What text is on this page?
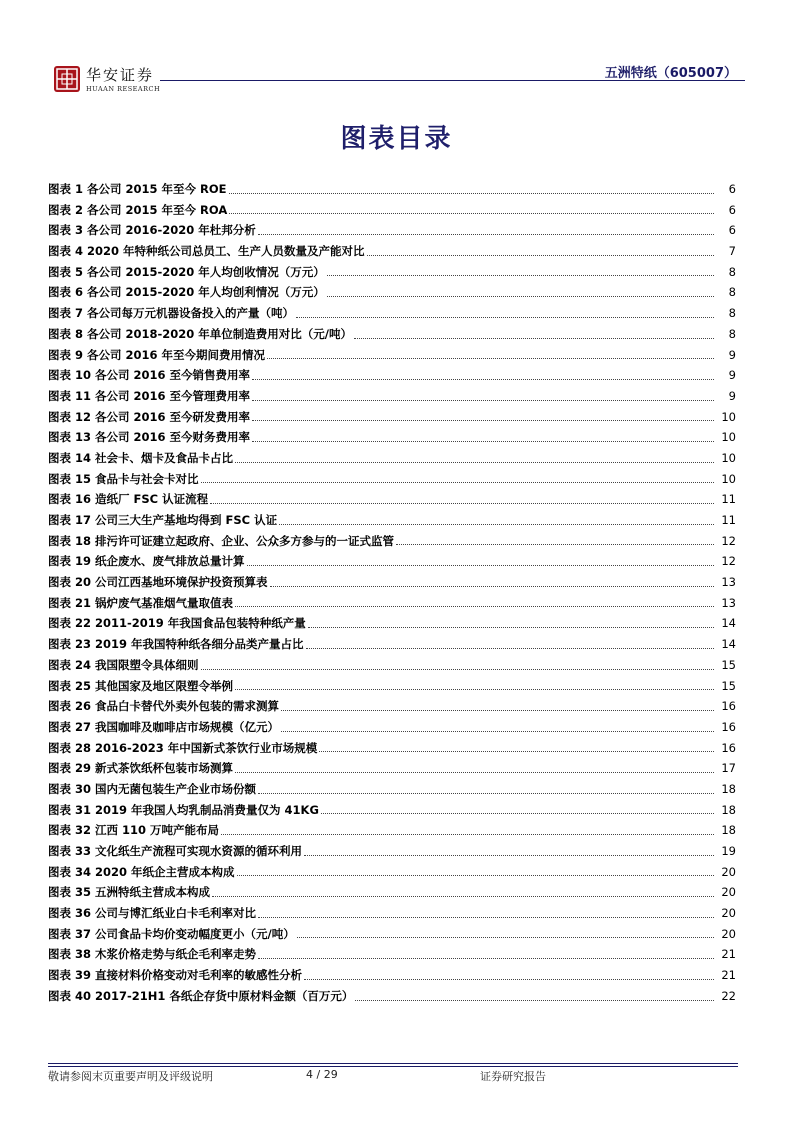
华安证券
HUAAN RESEARCH
五洲特纸（605007）
图表目录
图表 1 各公司 2015 年至今 ROE	6
图表 2 各公司 2015 年至今 ROA	6
图表 3 各公司 2016-2020 年杜邦分析	6
图表 4 2020 年特种纸公司总员工、生产人员数量及产能对比	7
图表 5 各公司 2015-2020 年人均创收情况（万元）	8
图表 6 各公司 2015-2020 年人均创利情况（万元）	8
图表 7 各公司每万元机器设备投入的产量（吨）	8
图表 8 各公司 2018-2020 年单位制造费用对比（元/吨）	8
图表 9 各公司 2016 年至今期间费用情况	9
图表 10 各公司 2016 至今销售费用率	9
图表 11 各公司 2016 至今管理费用率	9
图表 12 各公司 2016 至今研发费用率	10
图表 13 各公司 2016 至今财务费用率	10
图表 14 社会卡、烟卡及食品卡占比	10
图表 15 食品卡与社会卡对比	10
图表 16 造纸厂 FSC 认证流程	11
图表 17 公司三大生产基地均得到 FSC 认证	11
图表 18 排污许可证建立起政府、企业、公众多方参与的一证式监管	12
图表 19 纸企废水、废气排放总量计算	12
图表 20 公司江西基地环境保护投资预算表	13
图表 21 锅炉废气基准烟气量取值表	13
图表 22 2011-2019 年我国食品包装特种纸产量	14
图表 23 2019 年我国特种纸各细分品类产量占比	14
图表 24 我国限塑令具体细则	15
图表 25 其他国家及地区限塑令举例	15
图表 26 食品白卡替代外卖外包装的需求测算	16
图表 27 我国咖啡及咖啡店市场规模（亿元）	16
图表 28 2016-2023 年中国新式茶饮行业市场规模	16
图表 29 新式茶饮纸杯包装市场测算	17
图表 30 国内无菌包装生产企业市场份额	18
图表 31 2019 年我国人均乳制品消费量仅为 41KG	18
图表 32 江西 110 万吨产能布局	18
图表 33 文化纸生产流程可实现水资源的循环利用	19
图表 34 2020 年纸企主营成本构成	20
图表 35 五洲特纸主营成本构成	20
图表 36 公司与博汇纸业白卡毛利率对比	20
图表 37 公司食品卡均价变动幅度更小（元/吨）	20
图表 38 木浆价格走势与纸企毛利率走势	21
图表 39 直接材料价格变动对毛利率的敏感性分析	21
图表 40 2017-21H1 各纸企存货中原材料金额（百万元）	22
敬请参阅末页重要声明及评级说明	4 / 29	证券研究报告
